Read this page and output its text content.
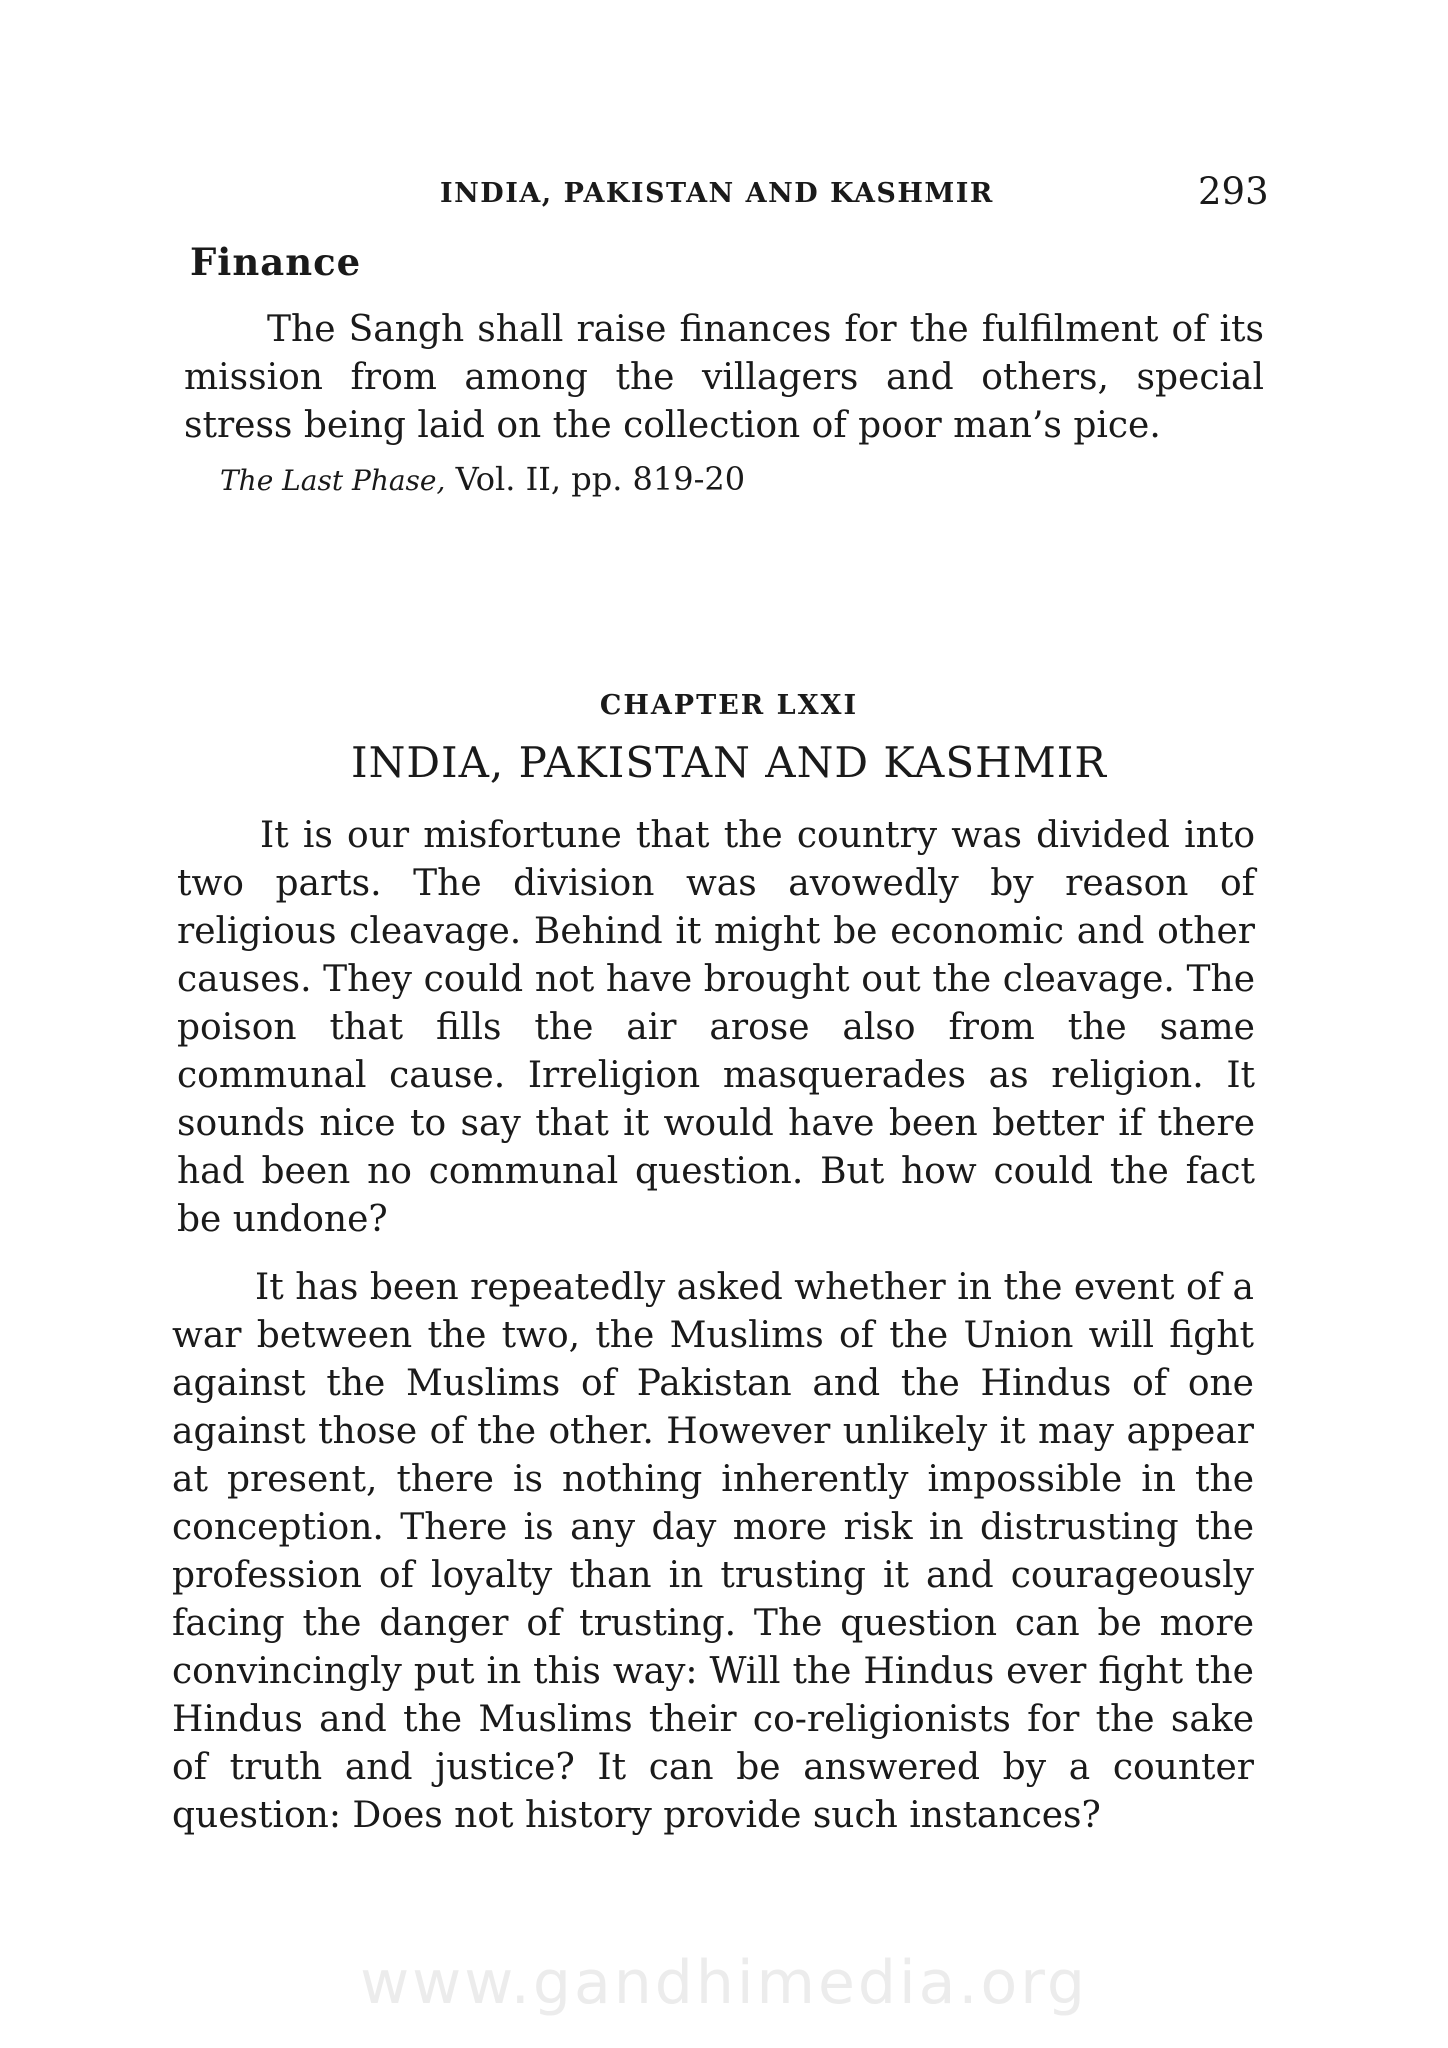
INDIA, PAKISTAN AND KASHMIR	293
Finance

The Sangh shall raise finances for the fulfilment of its mission from among the villagers and others, special stress being laid on the collection of poor man’s pice.

The Last Phase, Vol. II, pp. 819-20
CHAPTER LXXI
INDIA, PAKISTAN AND KASHMIR

It is our misfortune that the country was divided into two parts. The division was avowedly by reason of religious cleavage. Behind it might be economic and other causes. They could not have brought out the cleavage. The poison that fills the air arose also from the same communal cause. Irreligion masquerades as religion. It sounds nice to say that it would have been better if there had been no communal question. But how could the fact be undone?

It has been repeatedly asked whether in the event of a war between the two, the Muslims of the Union will fight against the Muslims of Pakistan and the Hindus of one against those of the other. However unlikely it may appear at present, there is nothing inherently impossible in the conception. There is any day more risk in distrusting the profession of loyalty than in trusting it and courageously facing the danger of trusting. The question can be more convincingly put in this way: Will the Hindus ever fight the Hindus and the Muslims their co-religionists for the sake of truth and justice? It can be answered by a counter question: Does not history provide such instances?

www.gandhimedia.org
